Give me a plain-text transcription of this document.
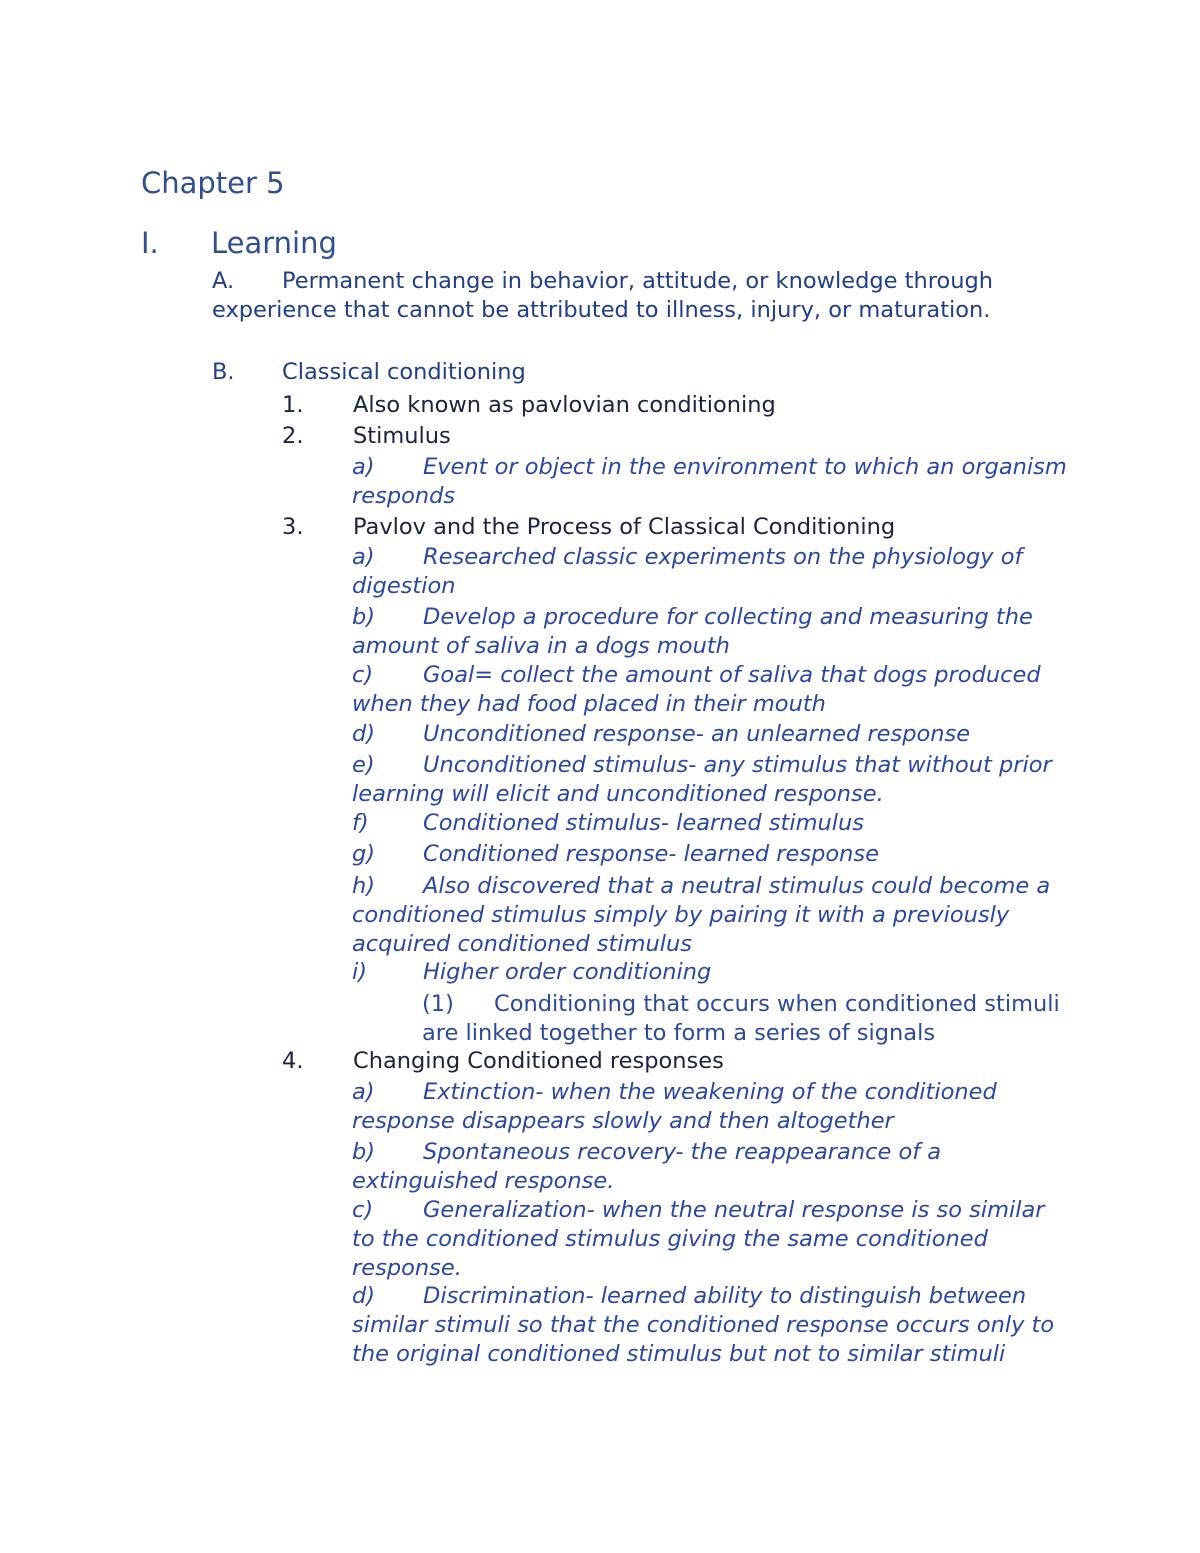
Chapter 5
I. Learning
A.	Permanent change in behavior, attitude, or knowledge through experience that cannot be attributed to illness, injury, or maturation.
B.	Classical conditioning
1.	Also known as pavlovian conditioning
2.	Stimulus
a)	Event or object in the environment to which an organism responds
3.	Pavlov and the Process of Classical Conditioning
a)	Researched classic experiments on the physiology of digestion
b)	Develop a procedure for collecting and measuring the amount of saliva in a dogs mouth
c)	Goal= collect the amount of saliva that dogs produced when they had food placed in their mouth
d)	Unconditioned response- an unlearned response
e)	Unconditioned stimulus- any stimulus that without prior learning will elicit and unconditioned response.
f)	Conditioned stimulus- learned stimulus
g)	Conditioned response- learned response
h)	Also discovered that a neutral stimulus could become a conditioned stimulus simply by pairing it with a previously acquired conditioned stimulus
i)	Higher order conditioning
(1)	Conditioning that occurs when conditioned stimuli are linked together to form a series of signals
4.	Changing Conditioned responses
a)	Extinction- when the weakening of the conditioned response disappears slowly and then altogether
b)	Spontaneous recovery- the reappearance of a extinguished response.
c)	Generalization- when the neutral response is so similar to the conditioned stimulus giving the same conditioned response.
d)	Discrimination- learned ability to distinguish between similar stimuli so that the conditioned response occurs only to the original conditioned stimulus but not to similar stimuli
